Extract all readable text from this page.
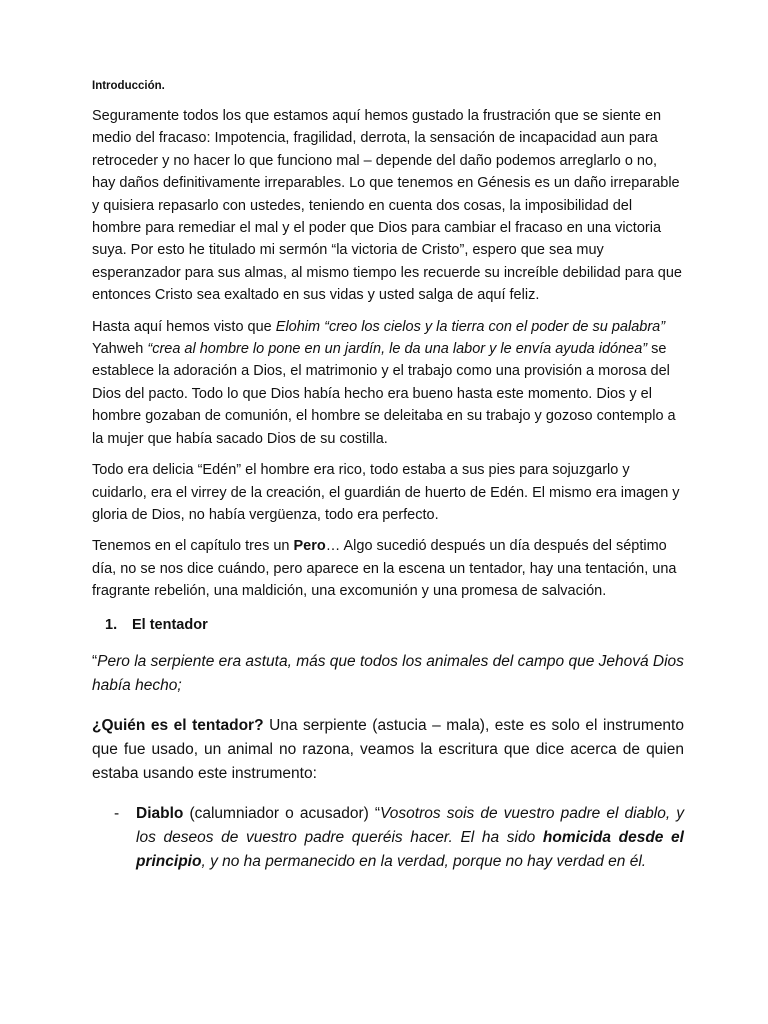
Introducción.

Seguramente todos los que estamos aquí hemos gustado la frustración que se siente en medio del fracaso: Impotencia, fragilidad, derrota, la sensación de incapacidad aun para retroceder y no hacer lo que funciono mal – depende del daño podemos arreglarlo o no, hay daños definitivamente irreparables. Lo que tenemos en Génesis es un daño irreparable y quisiera repasarlo con ustedes, teniendo en cuenta dos cosas, la imposibilidad del hombre para remediar el mal y el poder que Dios para cambiar el fracaso en una victoria suya. Por esto he titulado mi sermón “la victoria de Cristo”, espero que sea muy esperanzador para sus almas, al mismo tiempo les recuerde su increíble debilidad para que entonces Cristo sea exaltado en sus vidas y usted salga de aquí feliz.

Hasta aquí hemos visto que Elohim “creo los cielos y la tierra con el poder de su palabra” Yahweh “crea al hombre lo pone en un jardín, le da una labor y le envía ayuda idónea” se establece la adoración a Dios, el matrimonio y el trabajo como una provisión a morosa del Dios del pacto. Todo lo que Dios había hecho era bueno hasta este momento. Dios y el hombre gozaban de comunión, el hombre se deleitaba en su trabajo y gozoso contemplo a la mujer que había sacado Dios de su costilla.

Todo era delicia “Edén” el hombre era rico, todo estaba a sus pies para sojuzgarlo y cuidarlo, era el virrey de la creación, el guardián de huerto de Edén. El mismo era imagen y gloria de Dios, no había vergüenza, todo era perfecto.

Tenemos en el capítulo tres un Pero… Algo sucedió después un día después del séptimo día, no se nos dice cuándo, pero aparece en la escena un tentador, hay una tentación, una fragrante rebelión, una maldición, una excomunión y una promesa de salvación.

1.	El tentador

“Pero la serpiente era astuta, más que todos los animales del campo que Jehová Dios había hecho;

¿Quién es el tentador? Una serpiente (astucia – mala), este es solo el instrumento que fue usado, un animal no razona, veamos la escritura que dice acerca de quien estaba usando este instrumento:

-	Diablo (calumniador o acusador) “Vosotros sois de vuestro padre el diablo, y los deseos de vuestro padre queréis hacer. El ha sido homicida desde el principio, y no ha permanecido en la verdad, porque no hay verdad en él.
